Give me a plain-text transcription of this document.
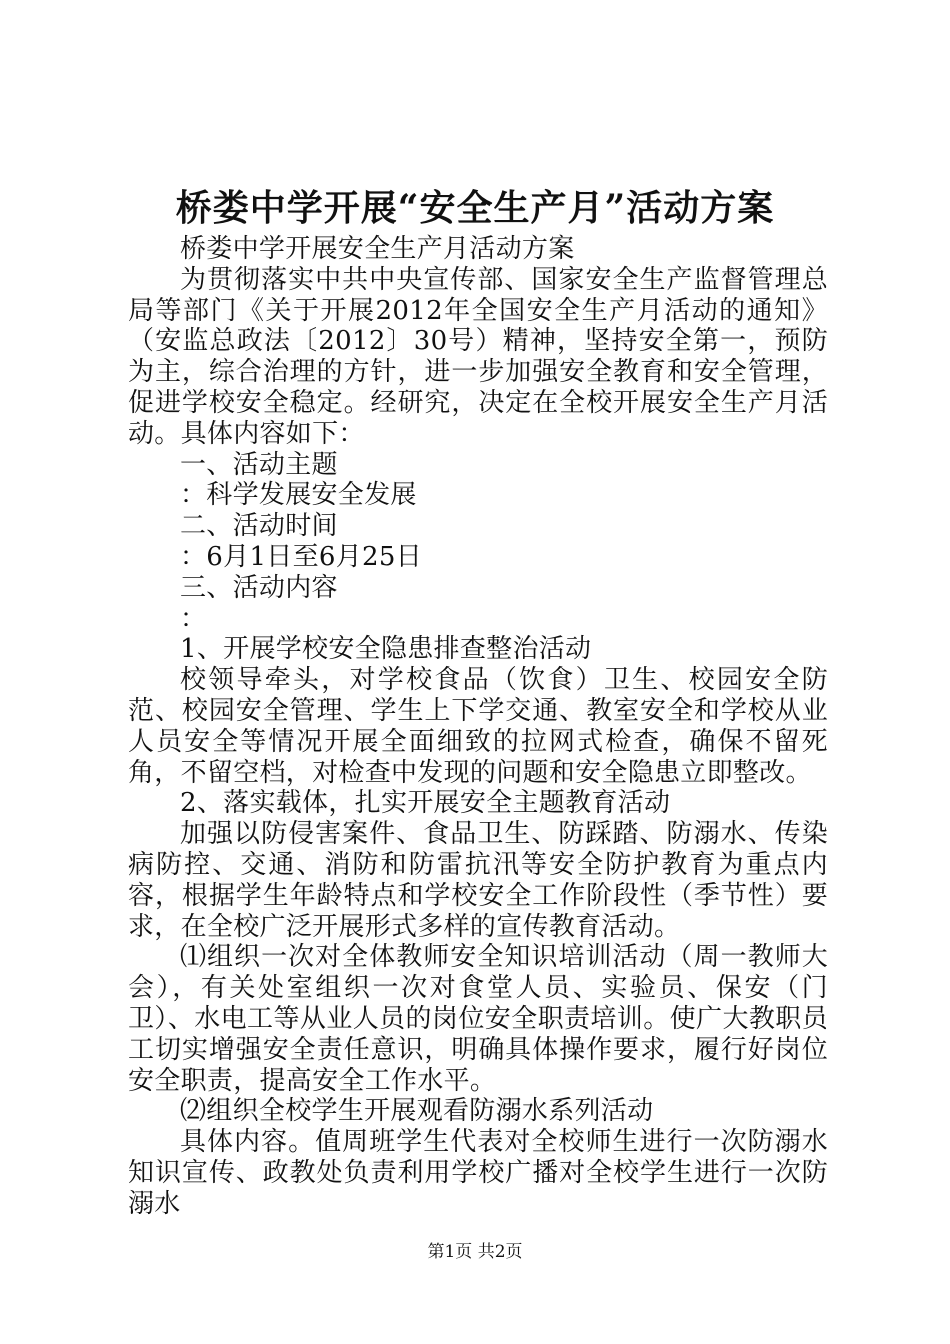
桥娄中学开展“安全生产月”活动方案

桥娄中学开展安全生产月活动方案

为贯彻落实中共中央宣传部、国家安全生产监督管理总局等部门《关于开展2012年全国安全生产月活动的通知》（安监总政法〔2012〕30号）精神，坚持安全第一，预防为主，综合治理的方针，进一步加强安全教育和安全管理，促进学校安全稳定。经研究，决定在全校开展安全生产月活动。具体内容如下：

一、活动主题

：科学发展安全发展

二、活动时间

：6月1日至6月25日

三、活动内容

：

1、开展学校安全隐患排查整治活动

校领导牵头，对学校食品（饮食）卫生、校园安全防范、校园安全管理、学生上下学交通、教室安全和学校从业人员安全等情况开展全面细致的拉网式检查，确保不留死角，不留空档，对检查中发现的问题和安全隐患立即整改。

2、落实载体，扎实开展安全主题教育活动

加强以防侵害案件、食品卫生、防踩踏、防溺水、传染病防控、交通、消防和防雷抗汛等安全防护教育为重点内容，根据学生年龄特点和学校安全工作阶段性（季节性）要求，在全校广泛开展形式多样的宣传教育活动。

⑴组织一次对全体教师安全知识培训活动（周一教师大会），有关处室组织一次对食堂人员、实验员、保安（门卫）、水电工等从业人员的岗位安全职责培训。使广大教职员工切实增强安全责任意识，明确具体操作要求，履行好岗位安全职责，提高安全工作水平。

⑵组织全校学生开展观看防溺水系列活动

具体内容。值周班学生代表对全校师生进行一次防溺水知识宣传、政教处负责利用学校广播对全校学生进行一次防溺水

第1页 共2页
